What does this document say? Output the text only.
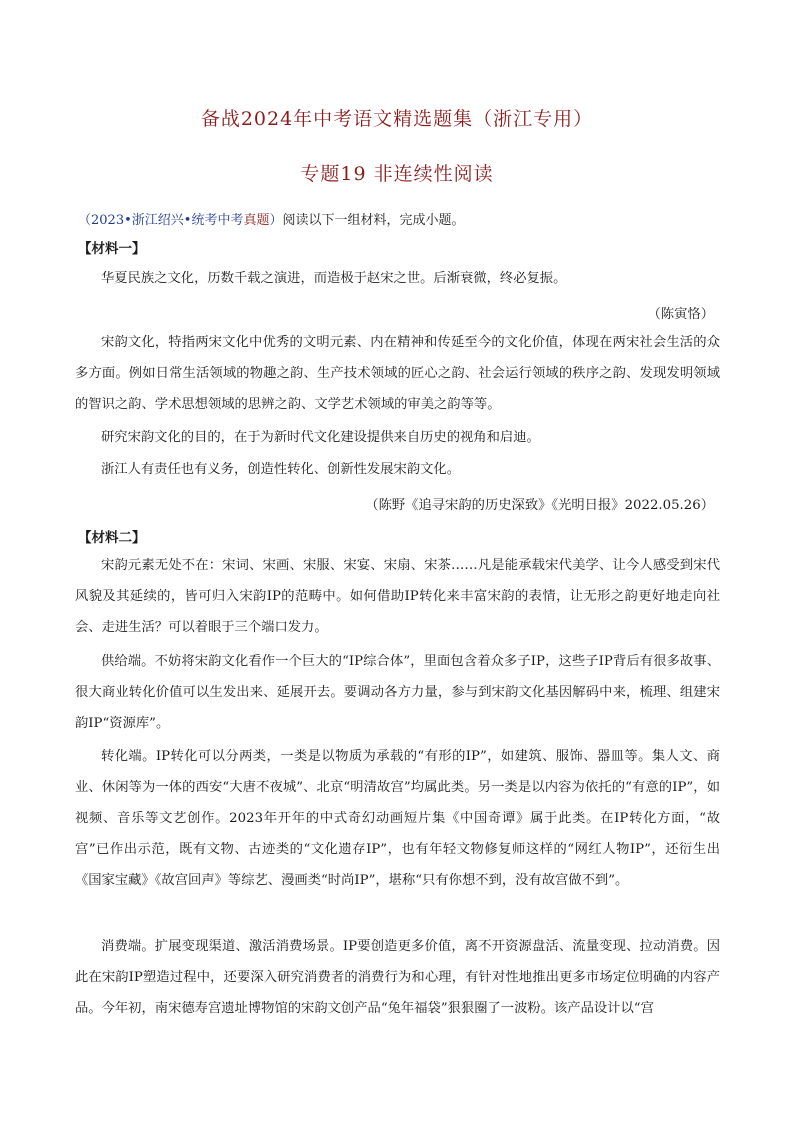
备战2024年中考语文精选题集（浙江专用）
专题19 非连续性阅读
（2023•浙江绍兴•统考中考真题）阅读以下一组材料，完成小题。
【材料一】
华夏民族之文化，历数千载之演进，而造极于赵宋之世。后渐衰微，终必复振。
（陈寅恪）
宋韵文化，特指两宋文化中优秀的文明元素、内在精神和传延至今的文化价值，体现在两宋社会生活的众多方面。例如日常生活领域的物趣之韵、生产技术领域的匠心之韵、社会运行领域的秩序之韵、发现发明领域的智识之韵、学术思想领域的思辨之韵、文学艺术领域的审美之韵等等。
研究宋韵文化的目的，在于为新时代文化建设提供来自历史的视角和启迪。
浙江人有责任也有义务，创造性转化、创新性发展宋韵文化。
（陈野《追寻宋韵的历史深致》《光明日报》2022.05.26）
【材料二】
宋韵元素无处不在：宋词、宋画、宋服、宋宴、宋扇、宋茶……凡是能承载宋代美学、让今人感受到宋代风貌及其延续的，皆可归入宋韵IP的范畴中。如何借助IP转化来丰富宋韵的表情，让无形之韵更好地走向社会、走进生活？可以着眼于三个端口发力。
供给端。不妨将宋韵文化看作一个巨大的“IP综合体”，里面包含着众多子IP，这些子IP背后有很多故事、很大商业转化价值可以生发出来、延展开去。要调动各方力量，参与到宋韵文化基因解码中来，梳理、组建宋韵IP“资源库”。
转化端。IP转化可以分两类，一类是以物质为承载的“有形的IP”，如建筑、服饰、器皿等。集人文、商业、休闲等为一体的西安“大唐不夜城”、北京“明清故宫”均属此类。另一类是以内容为依托的“有意的IP”，如视频、音乐等文艺创作。2023年开年的中式奇幻动画短片集《中国奇谭》属于此类。在IP转化方面，“故宫”已作出示范，既有文物、古迹类的“文化遗存IP”，也有年轻文物修复师这样的“网红人物IP”，还衍生出《国家宝藏》《故宫回声》等综艺、漫画类“时尚IP”，堪称“只有你想不到，没有故宫做不到”。
消费端。扩展变现渠道、激活消费场景。IP要创造更多价值，离不开资源盘活、流量变现、拉动消费。因此在宋韵IP塑造过程中，还要深入研究消费者的消费行为和心理，有针对性地推出更多市场定位明确的内容产品。今年初，南宋德寿宫遗址博物馆的宋韵文创产品“兔年福袋”狠狠圈了一波粉。该产品设计以“宫
